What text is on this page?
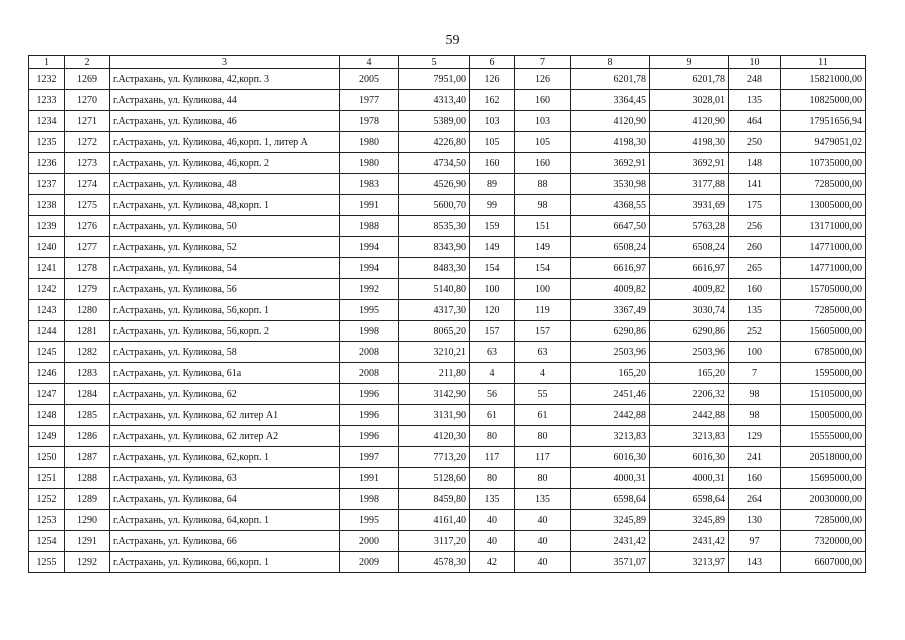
59
1	2	3	4	5	6	7	8	9	10	11
1232	1269	г.Астрахань, ул. Куликова, 42,корп. 3	2005	7951,00	126	126	6201,78	6201,78	248	15821000,00
1233	1270	г.Астрахань, ул. Куликова, 44	1977	4313,40	162	160	3364,45	3028,01	135	10825000,00
1234	1271	г.Астрахань, ул. Куликова, 46	1978	5389,00	103	103	4120,90	4120,90	464	17951656,94
1235	1272	г.Астрахань, ул. Куликова, 46,корп. 1, литер А	1980	4226,80	105	105	4198,30	4198,30	250	9479051,02
1236	1273	г.Астрахань, ул. Куликова, 46,корп. 2	1980	4734,50	160	160	3692,91	3692,91	148	10735000,00
1237	1274	г.Астрахань, ул. Куликова, 48	1983	4526,90	89	88	3530,98	3177,88	141	7285000,00
1238	1275	г.Астрахань, ул. Куликова, 48,корп. 1	1991	5600,70	99	98	4368,55	3931,69	175	13005000,00
1239	1276	г.Астрахань, ул. Куликова, 50	1988	8535,30	159	151	6647,50	5763,28	256	13171000,00
1240	1277	г.Астрахань, ул. Куликова, 52	1994	8343,90	149	149	6508,24	6508,24	260	14771000,00
1241	1278	г.Астрахань, ул. Куликова, 54	1994	8483,30	154	154	6616,97	6616,97	265	14771000,00
1242	1279	г.Астрахань, ул. Куликова, 56	1992	5140,80	100	100	4009,82	4009,82	160	15705000,00
1243	1280	г.Астрахань, ул. Куликова, 56,корп. 1	1995	4317,30	120	119	3367,49	3030,74	135	7285000,00
1244	1281	г.Астрахань, ул. Куликова, 56,корп. 2	1998	8065,20	157	157	6290,86	6290,86	252	15605000,00
1245	1282	г.Астрахань, ул. Куликова, 58	2008	3210,21	63	63	2503,96	2503,96	100	6785000,00
1246	1283	г.Астрахань, ул. Куликова, 61а	2008	211,80	4	4	165,20	165,20	7	1595000,00
1247	1284	г.Астрахань, ул. Куликова, 62	1996	3142,90	56	55	2451,46	2206,32	98	15105000,00
1248	1285	г.Астрахань, ул. Куликова, 62 литер А1	1996	3131,90	61	61	2442,88	2442,88	98	15005000,00
1249	1286	г.Астрахань, ул. Куликова, 62 литер А2	1996	4120,30	80	80	3213,83	3213,83	129	15555000,00
1250	1287	г.Астрахань, ул. Куликова, 62,корп. 1	1997	7713,20	117	117	6016,30	6016,30	241	20518000,00
1251	1288	г.Астрахань, ул. Куликова, 63	1991	5128,60	80	80	4000,31	4000,31	160	15695000,00
1252	1289	г.Астрахань, ул. Куликова, 64	1998	8459,80	135	135	6598,64	6598,64	264	20030000,00
1253	1290	г.Астрахань, ул. Куликова, 64,корп. 1	1995	4161,40	40	40	3245,89	3245,89	130	7285000,00
1254	1291	г.Астрахань, ул. Куликова, 66	2000	3117,20	40	40	2431,42	2431,42	97	7320000,00
1255	1292	г.Астрахань, ул. Куликова, 66,корп. 1	2009	4578,30	42	40	3571,07	3213,97	143	6607000,00
